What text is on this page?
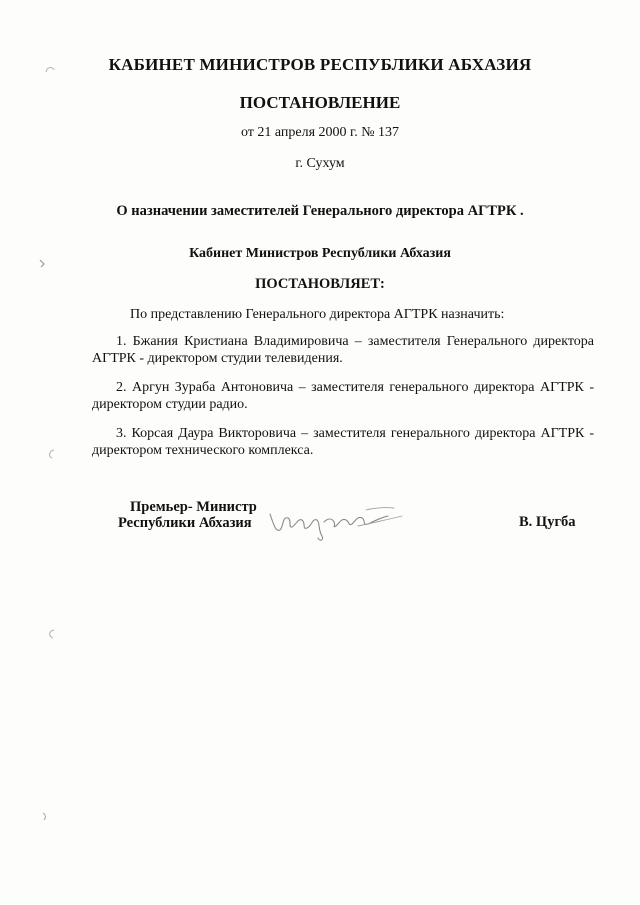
КАБИНЕТ МИНИСТРОВ РЕСПУБЛИКИ АБХАЗИЯ
ПОСТАНОВЛЕНИЕ
от 21 апреля 2000 г. № 137
г. Сухум
О назначении заместителей Генерального директора АГТРК .
Кабинет Министров Республики Абхазия
ПОСТАНОВЛЯЕТ:
По представлению Генерального директора АГТРК назначить:
1. Бжания Кристиана Владимировича – заместителя Генерального директора
АГТРК - директором студии телевидения.
2. Аргун Зураба Антоновича – заместителя генерального директора АГТРК -
директором студии радио.
3. Корсая Даура Викторовича – заместителя генерального директора АГТРК -
директором технического комплекса.
Премьер- Министр
Республики Абхазия	В. Цугба
